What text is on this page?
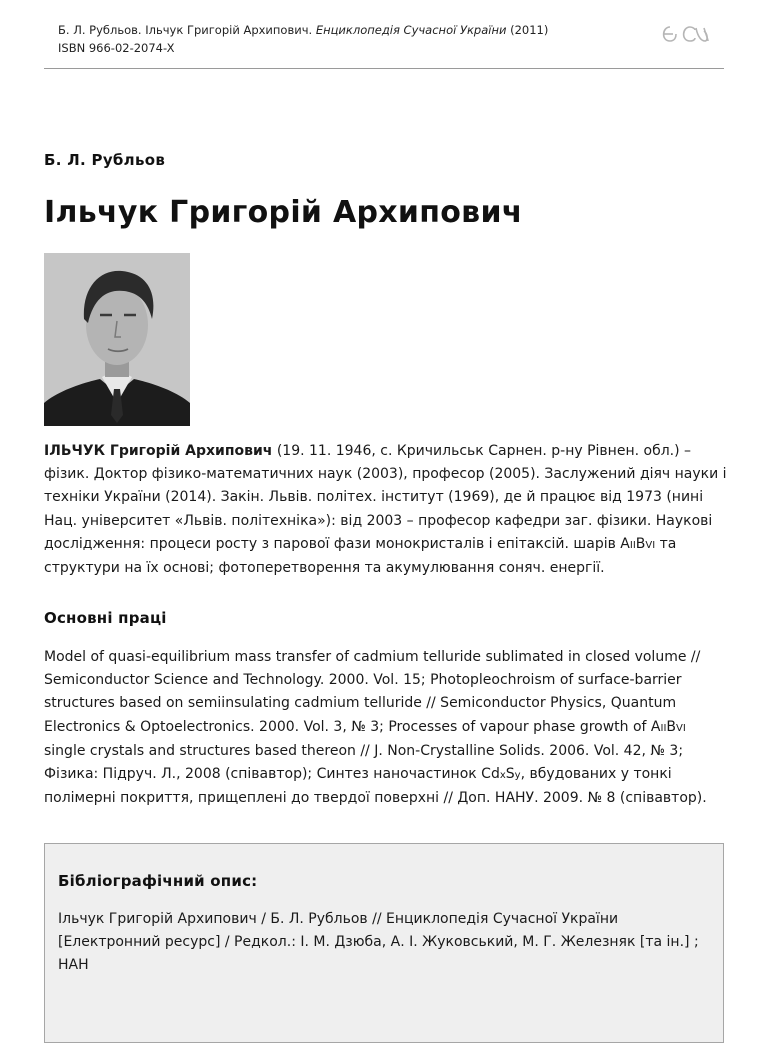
Б. Л. Рубльов. Ільчук Григорій Архипович. Енциклопедія Сучасної України (2011)
ISBN 966-02-2074-X
Б. Л. Рубльов
Ільчук Григорій Архипович

ІЛЬЧУК Григорій Архипович (19. 11. 1946, с. Кричильськ Сарнен. р-ну Рівнен. обл.) – фізик. Доктор фізико-математичних наук (2003), професор (2005). Заслужений діяч науки і техніки України (2014). Закін. Львів. політех. інститут (1969), де й працює від 1973 (нині Нац. університет «Львів. політехніка»): від 2003 – професор кафедри заг. фізики. Наукові дослідження: процеси росту з парової фази монокристалів і епітаксій. шарів AIIBVI та структури на їх основі; фотоперетворення та акумулювання соняч. енергії.

Основні праці

Model of quasi-equilibrium mass transfer of cadmium telluride sublimated in closed volume // Semiconductor Science and Technology. 2000. Vol. 15; Photopleochroism of surface-barrier structures based on semiinsulating cadmium telluride // Semiconductor Physics, Quantum Electronics & Optoelectronics. 2000. Vol. 3, № 3; Processes of vapour phase growth of AIIBVI single crystals and structures based thereon // J. Non-Crystalline Solids. 2006. Vol. 42, № 3; Фізика: Підруч. Л., 2008 (співавтор); Синтез наночастинок CdxSy, вбудованих у тонкі полімерні покриття, прищеплені до твердої поверхні // Доп. НАНУ. 2009. № 8 (співавтор).

Бібліографічний опис:

Ільчук Григорій Архипович / Б. Л. Рубльов // Енциклопедія Сучасної України [Електронний ресурс] / Редкол.: І. М. Дзюба, А. І. Жуковський, М. Г. Железняк [та ін.] ; НАН
